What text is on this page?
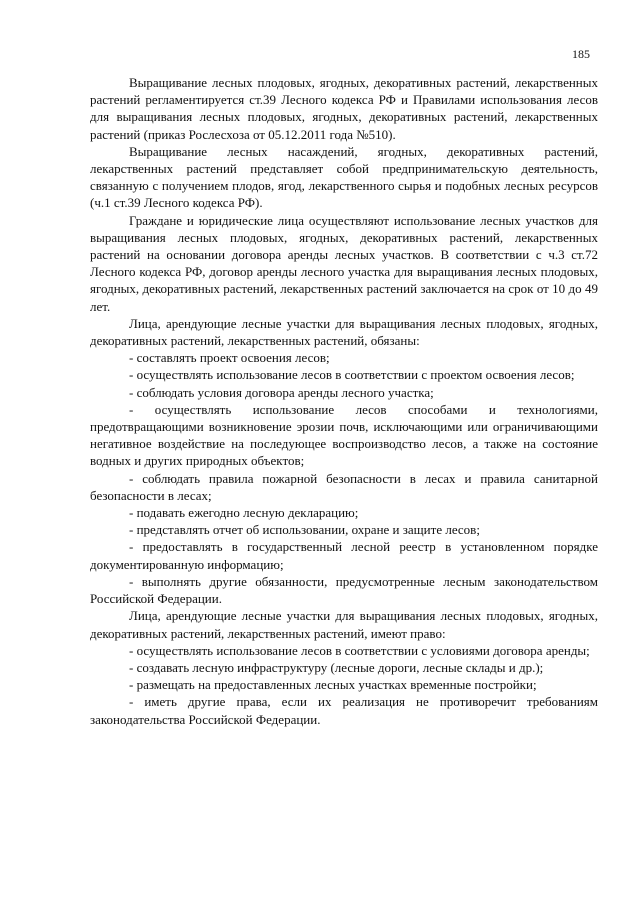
185

Выращивание лесных плодовых, ягодных, декоративных растений, лекарственных растений регламентируется ст.39 Лесного кодекса РФ и Правилами использования лесов для выращивания лесных плодовых, ягодных, декоративных растений, лекарственных растений (приказ Рослесхоза от 05.12.2011 года №510).

Выращивание лесных насаждений, ягодных, декоративных растений, лекарственных растений представляет собой предпринимательскую деятельность, связанную с получением плодов, ягод, лекарственного сырья и подобных лесных ресурсов (ч.1 ст.39 Лесного кодекса РФ).

Граждане и юридические лица осуществляют использование лесных участков для выращивания лесных плодовых, ягодных, декоративных растений, лекарственных растений на основании договора аренды лесных участков. В соответствии с ч.3 ст.72 Лесного кодекса РФ, договор аренды лесного участка для выращивания лесных плодовых, ягодных, декоративных растений, лекарственных растений заключается на срок от 10 до 49 лет.

Лица, арендующие лесные участки для выращивания лесных плодовых, ягодных, декоративных растений, лекарственных растений, обязаны:

- составлять проект освоения лесов;

- осуществлять использование лесов в соответствии с проектом освоения лесов;

- соблюдать условия договора аренды лесного участка;

- осуществлять использование лесов способами и технологиями, предотвращающими возникновение эрозии почв, исключающими или ограничивающими негативное воздействие на последующее воспроизводство лесов, а также на состояние водных и других природных объектов;

- соблюдать правила пожарной безопасности в лесах и правила санитарной безопасности в лесах;

- подавать ежегодно лесную декларацию;

- представлять отчет об использовании, охране и защите лесов;

- предоставлять в государственный лесной реестр в установленном порядке документированную информацию;

- выполнять другие обязанности, предусмотренные лесным законодательством Российской Федерации.

Лица, арендующие лесные участки для выращивания лесных плодовых, ягодных, декоративных растений, лекарственных растений, имеют право:

- осуществлять использование лесов в соответствии с условиями договора аренды;

- создавать лесную инфраструктуру (лесные дороги, лесные склады и др.);

- размещать на предоставленных лесных участках временные постройки;

- иметь другие права, если их реализация не противоречит требованиям законодательства Российской Федерации.
